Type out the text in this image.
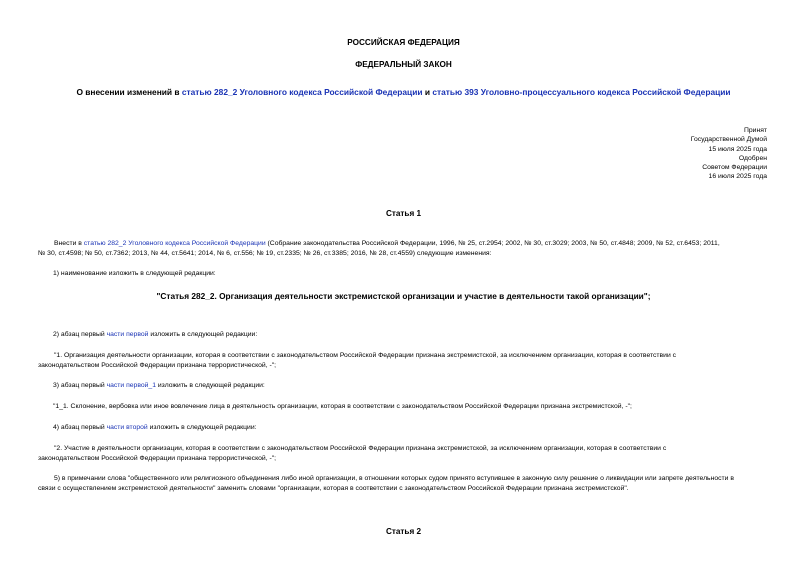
РОССИЙСКАЯ ФЕДЕРАЦИЯ
ФЕДЕРАЛЬНЫЙ ЗАКОН
О внесении изменений в статью 282_2 Уголовного кодекса Российской Федерации и статью 393 Уголовно-процессуального кодекса Российской Федерации
Принят
Государственной Думой
15 июля 2025 года
Одобрен
Советом Федерации
16 июля 2025 года
Статья 1
Внести в статью 282_2 Уголовного кодекса Российской Федерации (Собрание законодательства Российской Федерации, 1996, № 25, ст.2954; 2002, № 30, ст.3029; 2003, № 50, ст.4848; 2009, № 52, ст.6453; 2011,
№ 30, ст.4598; № 50, ст.7362; 2013, № 44, ст.5641; 2014, № 6, ст.556; № 19, ст.2335; № 26, ст.3385; 2016, № 28, ст.4559) следующие изменения:
1) наименование изложить в следующей редакции:
"Статья 282_2. Организация деятельности экстремистской организации и участие в деятельности такой организации";
2) абзац первый части первой изложить в следующей редакции:
"1. Организация деятельности организации, которая в соответствии с законодательством Российской Федерации признана экстремистской, за исключением организации, которая в соответствии с
законодательством Российской Федерации признана террористической, -";
3) абзац первый части первой_1 изложить в следующей редакции:
"1_1. Склонение, вербовка или иное вовлечение лица в деятельность организации, которая в соответствии с законодательством Российской Федерации признана экстремистской, -";
4) абзац первый части второй изложить в следующей редакции:
"2. Участие в деятельности организации, которая в соответствии с законодательством Российской Федерации признана экстремистской, за исключением организации, которая в соответствии с
законодательством Российской Федерации признана террористической, -";
5) в примечании слова "общественного или религиозного объединения либо иной организации, в отношении которых судом принято вступившее в законную силу решение о ликвидации или запрете деятельности в
связи с осуществлением экстремистской деятельности" заменить словами "организации, которая в соответствии с законодательством Российской Федерации признана экстремистской".
Статья 2
